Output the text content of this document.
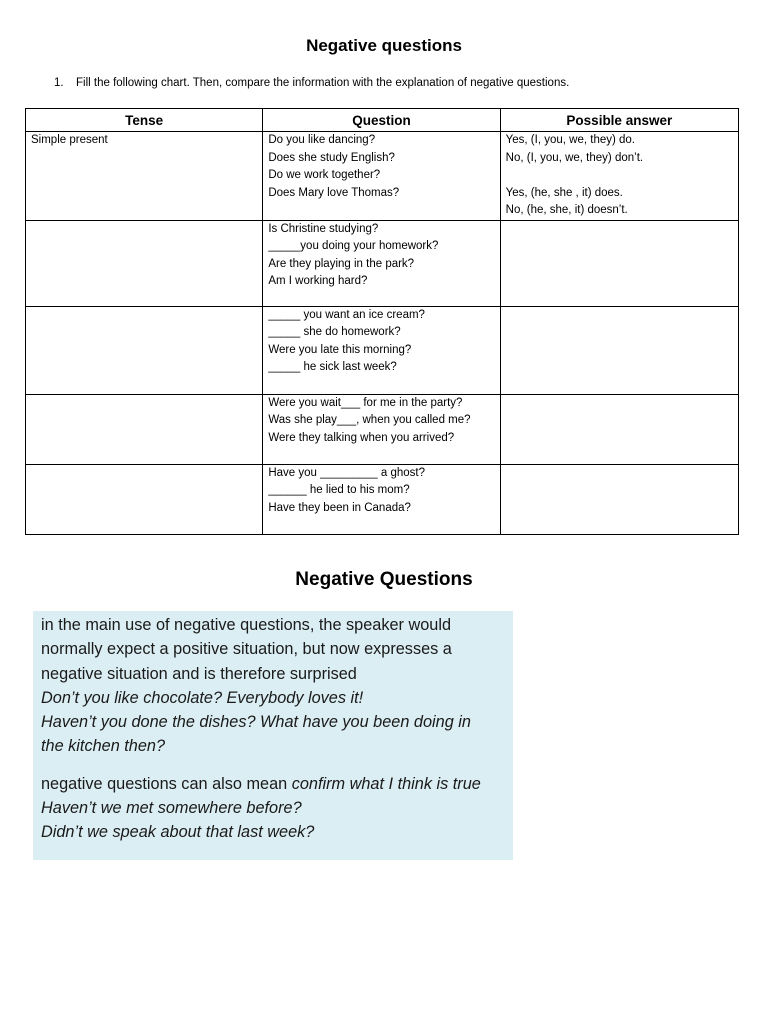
Negative questions
1. Fill the following chart. Then, compare the information with the explanation of negative questions.
Tense	Question	Possible answer

Simple present	Do you like dancing?
Does she study English?
Do we work together?
Does Mary love Thomas?	Yes, (I, you, we, they) do.
No, (I, you, we, they) don’t.
Yes, (he, she , it) does.
No, (he, she, it) doesn’t.

	Is Christine studying?
_____you doing your homework?
Are they playing in the park?
Am I working hard?	

	_____ you want an ice cream?
_____ she do homework?
Were you late this morning?
_____ he sick last week?	

	Were you wait___ for me in the party?
Was she play___, when you called me?
Were they talking when you arrived?	

	Have you _________ a ghost?
______ he lied to his mom?
Have they been in Canada?	

Negative Questions
in the main use of negative questions, the speaker would
normally expect a positive situation, but now expresses a
negative situation and is therefore surprised
Don’t you like chocolate? Everybody loves it!
Haven’t you done the dishes? What have you been doing in
the kitchen then?
negative questions can also mean confirm what I think is true
Haven’t we met somewhere before?
Didn’t we speak about that last week?
